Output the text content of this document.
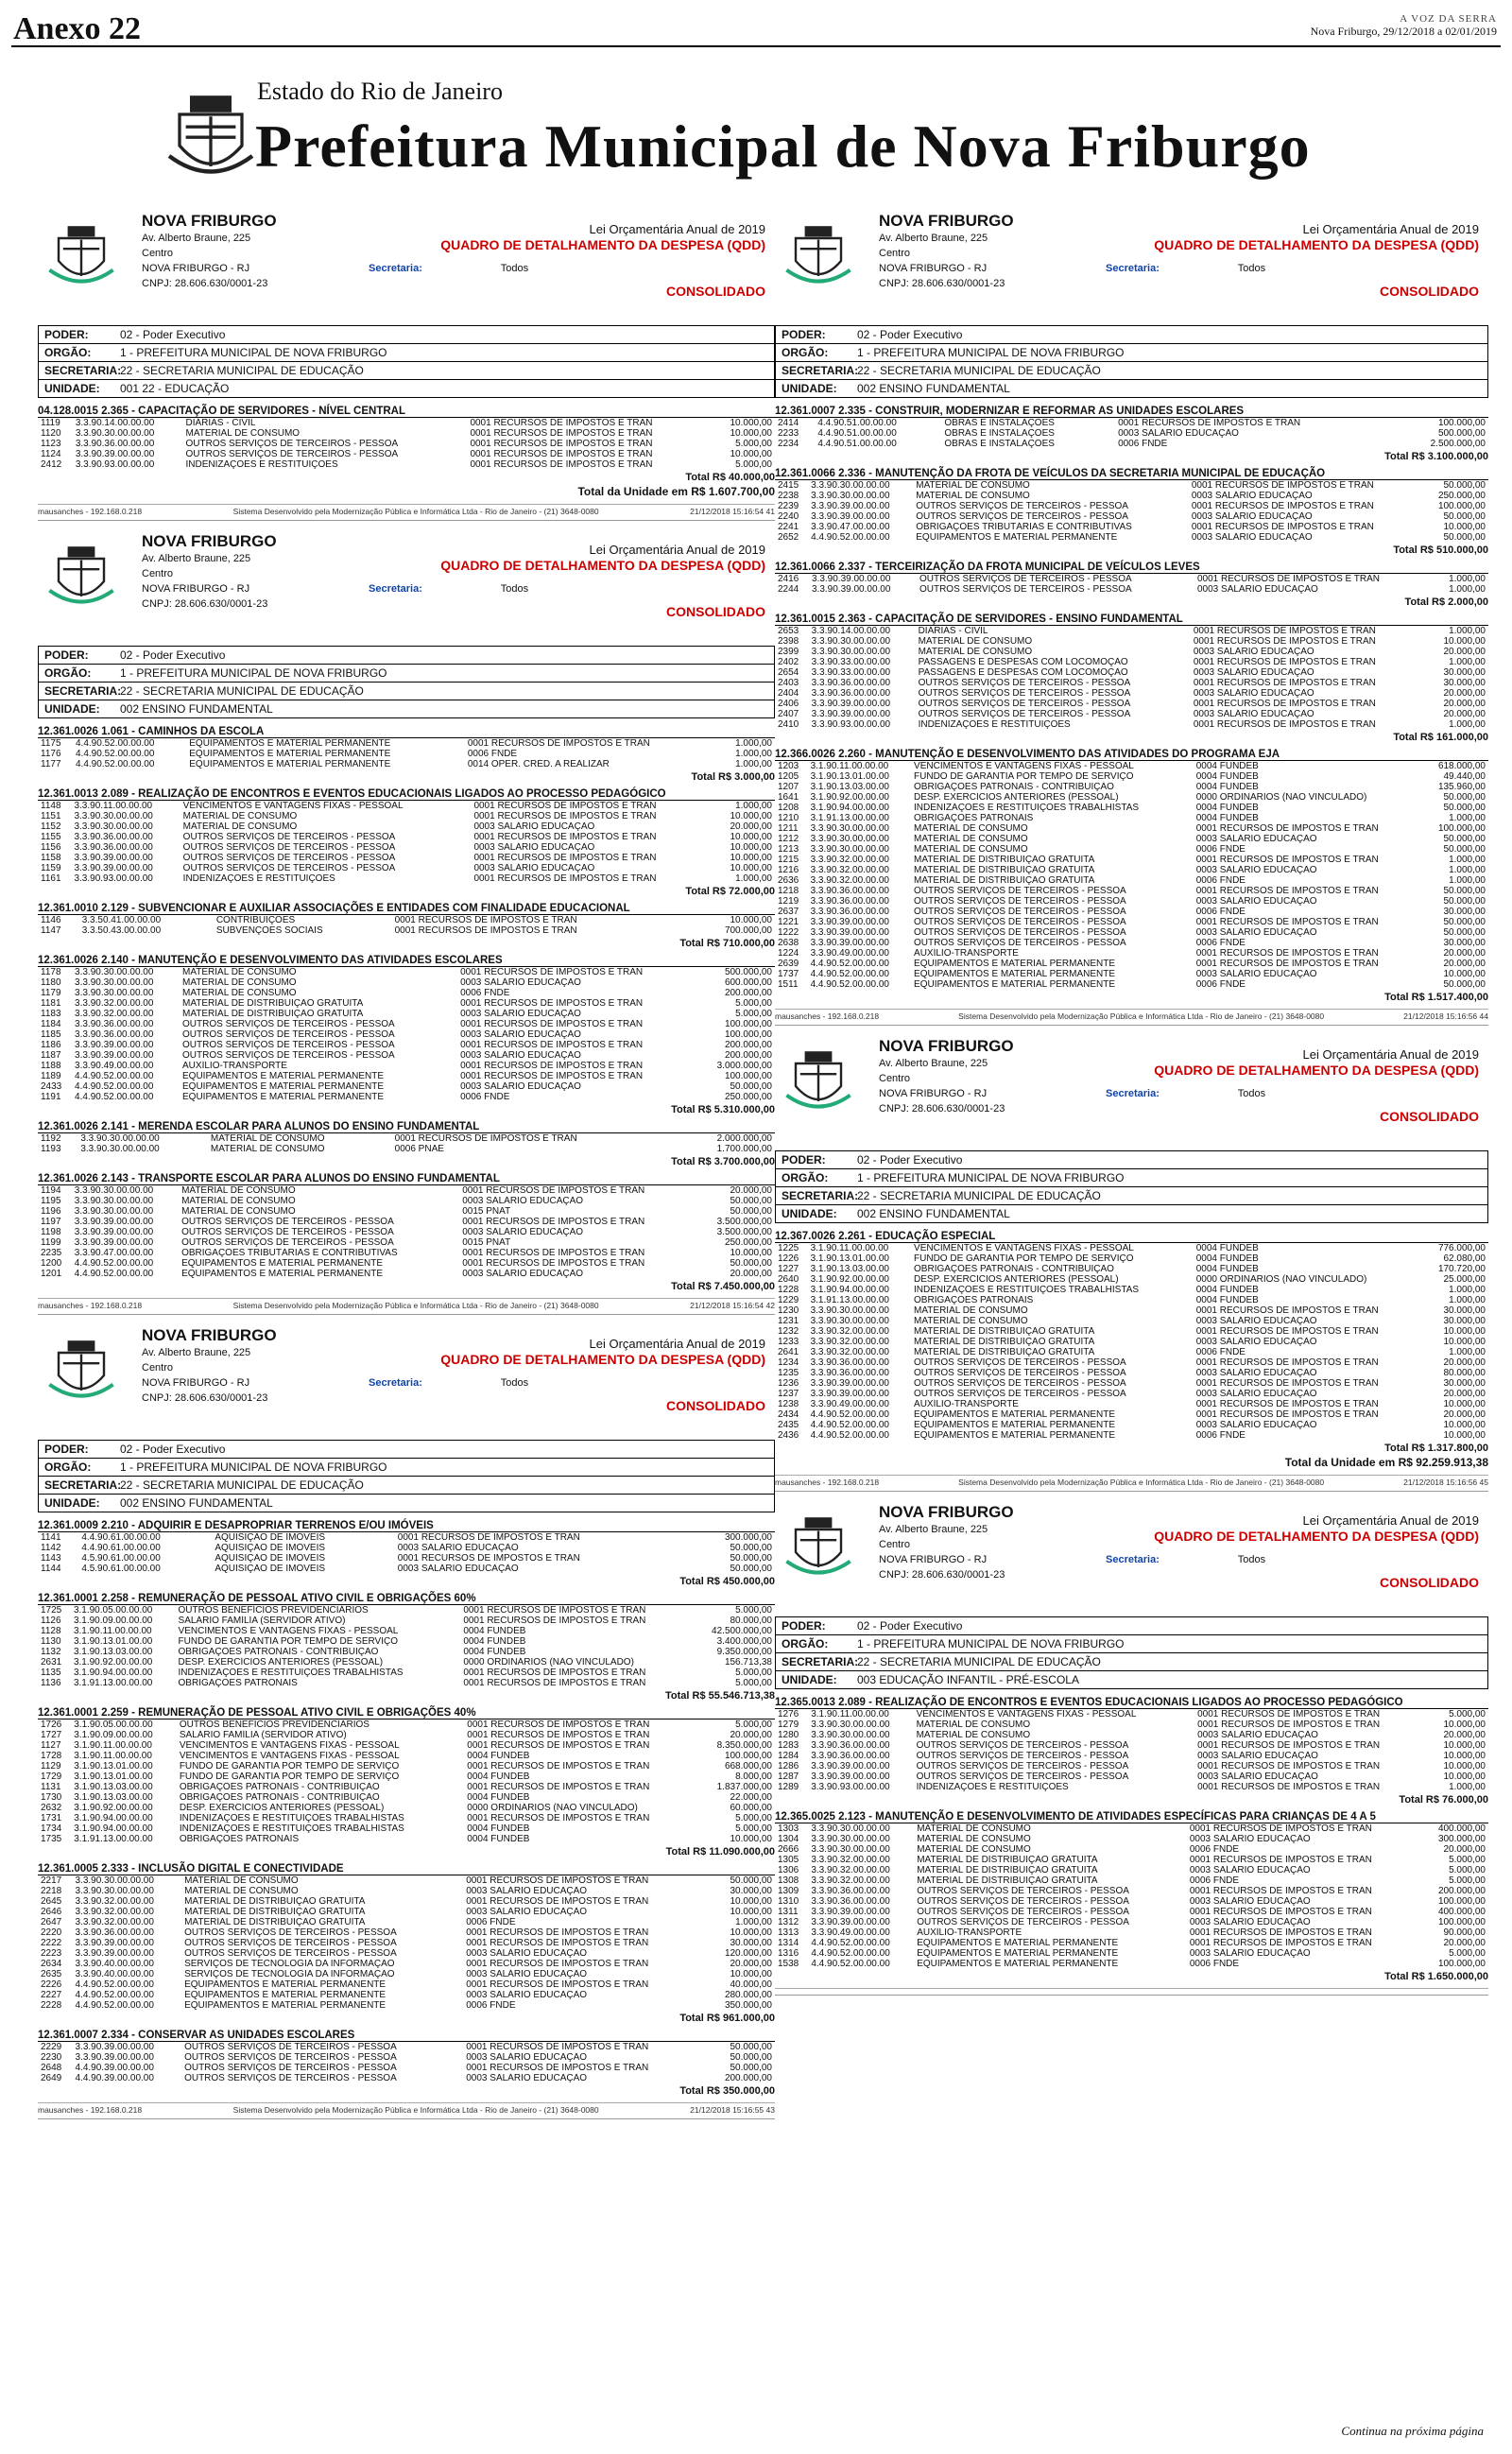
Anexo 22	A VOZ DA SERRA
Nova Friburgo, 29/12/2018 a 02/01/2019
Estado do Rio de Janeiro
Prefeitura Municipal de Nova Friburgo
NOVA FRIBURGO
Av. Alberto Braune, 225
Centro
NOVA FRIBURGO - RJ
CNPJ: 28.606.630/0001-23
Lei Orçamentária Anual de 2019
QUADRO DE DETALHAMENTO DA DESPESA (QDD)
Secretaria:	Todos
CONSOLIDADO
PODER:	02 - Poder Executivo
ORGÃO:	1 - PREFEITURA MUNICIPAL DE NOVA FRIBURGO
SECRETARIA:22 - SECRETARIA MUNICIPAL DE EDUCAÇÃO
UNIDADE: 001 22 - EDUCAÇÃO
04.128.0015 2.365 - CAPACITAÇÃO DE SERVIDORES - NÍVEL CENTRAL
1119	3.3.90.14.00.00.00	DIÁRIAS - CIVIL	0001 RECURSOS DE IMPOSTOS E TRAN	10.000,00
1120	3.3.90.30.00.00.00	MATERIAL DE CONSUMO	0001 RECURSOS DE IMPOSTOS E TRAN	10.000,00
1123	3.3.90.36.00.00.00	OUTROS SERVIÇOS DE TERCEIROS - PESSOA	0001 RECURSOS DE IMPOSTOS E TRAN	5.000,00
1124	3.3.90.39.00.00.00	OUTROS SERVIÇOS DE TERCEIROS - PESSOA	0001 RECURSOS DE IMPOSTOS E TRAN	10.000,00
2412	3.3.90.93.00.00.00	INDENIZAÇÕES E RESTITUIÇÕES	0001 RECURSOS DE IMPOSTOS E TRAN	5.000,00
Total R$ 40.000,00
Total da Unidade em R$ 1.607.700,00
mausanches - 192.168.0.218	Sistema Desenvolvido pela Modernização Pública e Informática Ltda - Rio de Janeiro - (21) 3648-0080	21/12/2018 15:16:54 41
NOVA FRIBURGO
Av. Alberto Braune, 225
Centro
NOVA FRIBURGO - RJ
CNPJ: 28.606.630/0001-23
Lei Orçamentária Anual de 2019
QUADRO DE DETALHAMENTO DA DESPESA (QDD)
Secretaria:	Todos
CONSOLIDADO
PODER:	02 - Poder Executivo
ORGÃO:	1 - PREFEITURA MUNICIPAL DE NOVA FRIBURGO
SECRETARIA:22 - SECRETARIA MUNICIPAL DE EDUCAÇÃO
UNIDADE: 002 ENSINO FUNDAMENTAL
12.361.0026 1.061 - CAMINHOS DA ESCOLA
1175	4.4.90.52.00.00.00	EQUIPAMENTOS E MATERIAL PERMANENTE	0001 RECURSOS DE IMPOSTOS E TRAN	1.000,00
1176	4.4.90.52.00.00.00	EQUIPAMENTOS E MATERIAL PERMANENTE	0006 FNDE	1.000,00
1177	4.4.90.52.00.00.00	EQUIPAMENTOS E MATERIAL PERMANENTE	0014 OPER. CRÉD. A REALIZAR	1.000,00
Total R$ 3.000,00
12.361.0013 2.089 - REALIZAÇÃO DE ENCONTROS E EVENTOS EDUCACIONAIS LIGADOS AO PROCESSO PEDAGÓGICO
1148	3.3.90.11.00.00.00	VENCIMENTOS E VANTAGENS FIXAS - PESSOAL	0001 RECURSOS DE IMPOSTOS E TRAN	1.000,00
1151	3.3.90.30.00.00.00	MATERIAL DE CONSUMO	0001 RECURSOS DE IMPOSTOS E TRAN	10.000,00
1152	3.3.90.30.00.00.00	MATERIAL DE CONSUMO	0003 SALÁRIO EDUCAÇÃO	20.000,00
1155	3.3.90.36.00.00.00	OUTROS SERVIÇOS DE TERCEIROS - PESSOA	0001 RECURSOS DE IMPOSTOS E TRAN	10.000,00
1156	3.3.90.36.00.00.00	OUTROS SERVIÇOS DE TERCEIROS - PESSOA	0003 SALÁRIO EDUCAÇÃO	10.000,00
1158	3.3.90.39.00.00.00	OUTROS SERVIÇOS DE TERCEIROS - PESSOA	0001 RECURSOS DE IMPOSTOS E TRAN	10.000,00
1159	3.3.90.39.00.00.00	OUTROS SERVIÇOS DE TERCEIROS - PESSOA	0003 SALÁRIO EDUCAÇÃO	10.000,00
1161	3.3.90.93.00.00.00	INDENIZAÇÕES E RESTITUIÇÕES	0001 RECURSOS DE IMPOSTOS E TRAN	1.000,00
Total R$ 72.000,00
12.361.0010 2.129 - SUBVENCIONAR E AUXILIAR ASSOCIAÇÕES E ENTIDADES COM FINALIDADE EDUCACIONAL
1146	3.3.50.41.00.00.00	CONTRIBUIÇÕES	0001 RECURSOS DE IMPOSTOS E TRAN	10.000,00
1147	3.3.50.43.00.00.00	SUBVENÇÕES SOCIAIS	0001 RECURSOS DE IMPOSTOS E TRAN	700.000,00
Total R$ 710.000,00
12.361.0026 2.140 - MANUTENÇÃO E DESENVOLVIMENTO DAS ATIVIDADES ESCOLARES
1178	3.3.90.30.00.00.00	MATERIAL DE CONSUMO	0001 RECURSOS DE IMPOSTOS E TRAN	500.000,00
1180	3.3.90.30.00.00.00	MATERIAL DE CONSUMO	0003 SALÁRIO EDUCAÇÃO	600.000,00
1179	3.3.90.30.00.00.00	MATERIAL DE CONSUMO	0006 FNDE	200.000,00
1181	3.3.90.32.00.00.00	MATERIAL DE DISTRIBUIÇÃO GRATUITA	0001 RECURSOS DE IMPOSTOS E TRAN	5.000,00
1183	3.3.90.32.00.00.00	MATERIAL DE DISTRIBUIÇÃO GRATUITA	0003 SALÁRIO EDUCAÇÃO	5.000,00
1184	3.3.90.36.00.00.00	OUTROS SERVIÇOS DE TERCEIROS - PESSOA	0001 RECURSOS DE IMPOSTOS E TRAN	100.000,00
1185	3.3.90.36.00.00.00	OUTROS SERVIÇOS DE TERCEIROS - PESSOA	0003 SALÁRIO EDUCAÇÃO	100.000,00
1186	3.3.90.39.00.00.00	OUTROS SERVIÇOS DE TERCEIROS - PESSOA	0001 RECURSOS DE IMPOSTOS E TRAN	200.000,00
1187	3.3.90.39.00.00.00	OUTROS SERVIÇOS DE TERCEIROS - PESSOA	0003 SALÁRIO EDUCAÇÃO	200.000,00
1188	3.3.90.49.00.00.00	AUXÍLIO-TRANSPORTE	0001 RECURSOS DE IMPOSTOS E TRAN	3.000.000,00
1189	4.4.90.52.00.00.00	EQUIPAMENTOS E MATERIAL PERMANENTE	0001 RECURSOS DE IMPOSTOS E TRAN	100.000,00
2433	4.4.90.52.00.00.00	EQUIPAMENTOS E MATERIAL PERMANENTE	0003 SALÁRIO EDUCAÇÃO	50.000,00
1191	4.4.90.52.00.00.00	EQUIPAMENTOS E MATERIAL PERMANENTE	0006 FNDE	250.000,00
Total R$ 5.310.000,00
12.361.0026 2.141 - MERENDA ESCOLAR PARA ALUNOS DO ENSINO FUNDAMENTAL
1192	3.3.90.30.00.00.00	MATERIAL DE CONSUMO	0001 RECURSOS DE IMPOSTOS E TRAN	2.000.000,00
1193	3.3.90.30.00.00.00	MATERIAL DE CONSUMO	0006 PNAE	1.700.000,00
Total R$ 3.700.000,00
12.361.0026 2.143 - TRANSPORTE ESCOLAR PARA ALUNOS DO ENSINO FUNDAMENTAL
1194	3.3.90.30.00.00.00	MATERIAL DE CONSUMO	0001 RECURSOS DE IMPOSTOS E TRAN	20.000,00
1195	3.3.90.30.00.00.00	MATERIAL DE CONSUMO	0003 SALÁRIO EDUCAÇÃO	50.000,00
1196	3.3.90.30.00.00.00	MATERIAL DE CONSUMO	0015 PNAT	50.000,00
1197	3.3.90.39.00.00.00	OUTROS SERVIÇOS DE TERCEIROS - PESSOA	0001 RECURSOS DE IMPOSTOS E TRAN	3.500.000,00
1198	3.3.90.39.00.00.00	OUTROS SERVIÇOS DE TERCEIROS - PESSOA	0003 SALÁRIO EDUCAÇÃO	3.500.000,00
1199	3.3.90.39.00.00.00	OUTROS SERVIÇOS DE TERCEIROS - PESSOA	0015 PNAT	250.000,00
2235	3.3.90.47.00.00.00	OBRIGAÇÕES TRIBUTÁRIAS E CONTRIBUTIVAS	0001 RECURSOS DE IMPOSTOS E TRAN	10.000,00
1200	4.4.90.52.00.00.00	EQUIPAMENTOS E MATERIAL PERMANENTE	0001 RECURSOS DE IMPOSTOS E TRAN	50.000,00
1201	4.4.90.52.00.00.00	EQUIPAMENTOS E MATERIAL PERMANENTE	0003 SALÁRIO EDUCAÇÃO	20.000,00
Total R$ 7.450.000,00
mausanches - 192.168.0.218	Sistema Desenvolvido pela Modernização Pública e Informática Ltda - Rio de Janeiro - (21) 3648-0080	21/12/2018 15:16:54 42
NOVA FRIBURGO
Av. Alberto Braune, 225
Centro
NOVA FRIBURGO - RJ
CNPJ: 28.606.630/0001-23
Lei Orçamentária Anual de 2019
QUADRO DE DETALHAMENTO DA DESPESA (QDD)
Secretaria:	Todos
CONSOLIDADO
PODER:	02 - Poder Executivo
ORGÃO:	1 - PREFEITURA MUNICIPAL DE NOVA FRIBURGO
SECRETARIA:22 - SECRETARIA MUNICIPAL DE EDUCAÇÃO
UNIDADE: 002 ENSINO FUNDAMENTAL
12.361.0009 2.210 - ADQUIRIR E DESAPROPRIAR TERRENOS E/OU IMÓVEIS
1141	4.4.90.61.00.00.00	AQUISIÇÃO DE IMÓVEIS	0001 RECURSOS DE IMPOSTOS E TRAN	300.000,00
1142	4.4.90.61.00.00.00	AQUISIÇÃO DE IMÓVEIS	0003 SALÁRIO EDUCAÇÃO	50.000,00
1143	4.5.90.61.00.00.00	AQUISIÇÃO DE IMÓVEIS	0001 RECURSOS DE IMPOSTOS E TRAN	50.000,00
1144	4.5.90.61.00.00.00	AQUISIÇÃO DE IMÓVEIS	0003 SALÁRIO EDUCAÇÃO	50.000,00
Total R$ 450.000,00
12.361.0001 2.258 - REMUNERAÇÃO DE PESSOAL ATIVO CIVIL E OBRIGAÇÕES 60%
1725	3.1.90.05.00.00.00	OUTROS BENEFÍCIOS PREVIDENCIÁRIOS	0001 RECURSOS DE IMPOSTOS E TRAN	5.000,00
1126	3.1.90.09.00.00.00	SALÁRIO FAMÍLIA (SERVIDOR ATIVO)	0001 RECURSOS DE IMPOSTOS E TRAN	80.000,00
1128	3.1.90.11.00.00.00	VENCIMENTOS E VANTAGENS FIXAS - PESSOAL	0004 FUNDEB	42.500.000,00
1130	3.1.90.13.01.00.00	FUNDO DE GARANTIA POR TEMPO DE SERVIÇO	0004 FUNDEB	3.400.000,00
1132	3.1.90.13.03.00.00	OBRIGAÇÕES PATRONAIS - CONTRIBUIÇÃO	0004 FUNDEB	9.350.000,00
2631	3.1.90.92.00.00.00	DESP. EXERCÍCIOS ANTERIORES (PESSOAL)	0000 ORDINÁRIOS (NÃO VINCULADO)	156.713,38
1135	3.1.90.94.00.00.00	INDENIZAÇÕES E RESTITUIÇÕES TRABALHISTAS	0001 RECURSOS DE IMPOSTOS E TRAN	5.000,00
1136	3.1.91.13.00.00.00	OBRIGAÇÕES PATRONAIS	0001 RECURSOS DE IMPOSTOS E TRAN	5.000,00
Total R$ 55.546.713,38
12.361.0001 2.259 - REMUNERAÇÃO DE PESSOAL ATIVO CIVIL E OBRIGAÇÕES 40%
1726	3.1.90.05.00.00.00	OUTROS BENEFÍCIOS PREVIDENCIÁRIOS	0001 RECURSOS DE IMPOSTOS E TRAN	5.000,00
1727	3.1.90.09.00.00.00	SALÁRIO FAMÍLIA (SERVIDOR ATIVO)	0001 RECURSOS DE IMPOSTOS E TRAN	20.000,00
1127	3.1.90.11.00.00.00	VENCIMENTOS E VANTAGENS FIXAS - PESSOAL	0001 RECURSOS DE IMPOSTOS E TRAN	8.350.000,00
1728	3.1.90.11.00.00.00	VENCIMENTOS E VANTAGENS FIXAS - PESSOAL	0004 FUNDEB	100.000,00
1129	3.1.90.13.01.00.00	FUNDO DE GARANTIA POR TEMPO DE SERVIÇO	0001 RECURSOS DE IMPOSTOS E TRAN	668.000,00
1729	3.1.90.13.01.00.00	FUNDO DE GARANTIA POR TEMPO DE SERVIÇO	0004 FUNDEB	8.000,00
1131	3.1.90.13.03.00.00	OBRIGAÇÕES PATRONAIS - CONTRIBUIÇÃO	0001 RECURSOS DE IMPOSTOS E TRAN	1.837.000,00
1730	3.1.90.13.03.00.00	OBRIGAÇÕES PATRONAIS - CONTRIBUIÇÃO	0004 FUNDEB	22.000,00
2632	3.1.90.92.00.00.00	DESP. EXERCÍCIOS ANTERIORES (PESSOAL)	0000 ORDINÁRIOS (NÃO VINCULADO)	60.000,00
1731	3.1.90.94.00.00.00	INDENIZAÇÕES E RESTITUIÇÕES TRABALHISTAS	0001 RECURSOS DE IMPOSTOS E TRAN	5.000,00
1734	3.1.90.94.00.00.00	INDENIZAÇÕES E RESTITUIÇÕES TRABALHISTAS	0004 FUNDEB	5.000,00
1735	3.1.91.13.00.00.00	OBRIGAÇÕES PATRONAIS	0004 FUNDEB	10.000,00
Total R$ 11.090.000,00
12.361.0005 2.333 - INCLUSÃO DIGITAL E CONECTIVIDADE
2217	3.3.90.30.00.00.00	MATERIAL DE CONSUMO	0001 RECURSOS DE IMPOSTOS E TRAN	50.000,00
2218	3.3.90.30.00.00.00	MATERIAL DE CONSUMO	0003 SALÁRIO EDUCAÇÃO	30.000,00
2645	3.3.90.32.00.00.00	MATERIAL DE DISTRIBUIÇÃO GRATUITA	0001 RECURSOS DE IMPOSTOS E TRAN	10.000,00
2646	3.3.90.32.00.00.00	MATERIAL DE DISTRIBUIÇÃO GRATUITA	0003 SALÁRIO EDUCAÇÃO	10.000,00
2647	3.3.90.32.00.00.00	MATERIAL DE DISTRIBUIÇÃO GRATUITA	0006 FNDE	1.000,00
2220	3.3.90.36.00.00.00	OUTROS SERVIÇOS DE TERCEIROS - PESSOA	0001 RECURSOS DE IMPOSTOS E TRAN	10.000,00
2222	3.3.90.39.00.00.00	OUTROS SERVIÇOS DE TERCEIROS - PESSOA	0001 RECURSOS DE IMPOSTOS E TRAN	30.000,00
2223	3.3.90.39.00.00.00	OUTROS SERVIÇOS DE TERCEIROS - PESSOA	0003 SALÁRIO EDUCAÇÃO	120.000,00
2634	3.3.90.40.00.00.00	SERVIÇOS DE TECNOLOGIA DA INFORMAÇÃO	0001 RECURSOS DE IMPOSTOS E TRAN	20.000,00
2635	3.3.90.40.00.00.00	SERVIÇOS DE TECNOLOGIA DA INFORMAÇÃO	0003 SALÁRIO EDUCAÇÃO	10.000,00
2226	4.4.90.52.00.00.00	EQUIPAMENTOS E MATERIAL PERMANENTE	0001 RECURSOS DE IMPOSTOS E TRAN	40.000,00
2227	4.4.90.52.00.00.00	EQUIPAMENTOS E MATERIAL PERMANENTE	0003 SALÁRIO EDUCAÇÃO	280.000,00
2228	4.4.90.52.00.00.00	EQUIPAMENTOS E MATERIAL PERMANENTE	0006 FNDE	350.000,00
Total R$ 961.000,00
12.361.0007 2.334 - CONSERVAR AS UNIDADES ESCOLARES
2229	3.3.90.39.00.00.00	OUTROS SERVIÇOS DE TERCEIROS - PESSOA	0001 RECURSOS DE IMPOSTOS E TRAN	50.000,00
2230	3.3.90.39.00.00.00	OUTROS SERVIÇOS DE TERCEIROS - PESSOA	0003 SALÁRIO EDUCAÇÃO	50.000,00
2648	4.4.90.39.00.00.00	OUTROS SERVIÇOS DE TERCEIROS - PESSOA	0001 RECURSOS DE IMPOSTOS E TRAN	50.000,00
2649	4.4.90.39.00.00.00	OUTROS SERVIÇOS DE TERCEIROS - PESSOA	0003 SALÁRIO EDUCAÇÃO	200.000,00
Total R$ 350.000,00
mausanches - 192.168.0.218	Sistema Desenvolvido pela Modernização Pública e Informática Ltda - Rio de Janeiro - (21) 3648-0080	21/12/2018 15:16:55 43
NOVA FRIBURGO
Av. Alberto Braune, 225
Centro
NOVA FRIBURGO - RJ
CNPJ: 28.606.630/0001-23
Lei Orçamentária Anual de 2019
QUADRO DE DETALHAMENTO DA DESPESA (QDD)
Secretaria:	Todos
CONSOLIDADO
PODER:	02 - Poder Executivo
ORGÃO:	1 - PREFEITURA MUNICIPAL DE NOVA FRIBURGO
SECRETARIA:22 - SECRETARIA MUNICIPAL DE EDUCAÇÃO
UNIDADE: 002 ENSINO FUNDAMENTAL
12.361.0007 2.335 - CONSTRUIR, MODERNIZAR E REFORMAR AS UNIDADES ESCOLARES
2414	4.4.90.51.00.00.00	OBRAS E INSTALAÇÕES	0001 RECURSOS DE IMPOSTOS E TRAN	100.000,00
2233	4.4.90.51.00.00.00	OBRAS E INSTALAÇÕES	0003 SALÁRIO EDUCAÇÃO	500.000,00
2234	4.4.90.51.00.00.00	OBRAS E INSTALAÇÕES	0006 FNDE	2.500.000,00
Total R$ 3.100.000,00
12.361.0066 2.336 - MANUTENÇÃO DA FROTA DE VEÍCULOS DA SECRETARIA MUNICIPAL DE EDUCAÇÃO
2415	3.3.90.30.00.00.00	MATERIAL DE CONSUMO	0001 RECURSOS DE IMPOSTOS E TRAN	50.000,00
2238	3.3.90.30.00.00.00	MATERIAL DE CONSUMO	0003 SALÁRIO EDUCAÇÃO	250.000,00
2239	3.3.90.39.00.00.00	OUTROS SERVIÇOS DE TERCEIROS - PESSOA	0001 RECURSOS DE IMPOSTOS E TRAN	100.000,00
2240	3.3.90.39.00.00.00	OUTROS SERVIÇOS DE TERCEIROS - PESSOA	0003 SALÁRIO EDUCAÇÃO	50.000,00
2241	3.3.90.47.00.00.00	OBRIGAÇÕES TRIBUTÁRIAS E CONTRIBUTIVAS	0001 RECURSOS DE IMPOSTOS E TRAN	10.000,00
2652	4.4.90.52.00.00.00	EQUIPAMENTOS E MATERIAL PERMANENTE	0003 SALÁRIO EDUCAÇÃO	50.000,00
Total R$ 510.000,00
12.361.0066 2.337 - TERCEIRIZAÇÃO DA FROTA MUNICIPAL DE VEÍCULOS LEVES
2416	3.3.90.39.00.00.00	OUTROS SERVIÇOS DE TERCEIROS - PESSOA	0001 RECURSOS DE IMPOSTOS E TRAN	1.000,00
2244	3.3.90.39.00.00.00	OUTROS SERVIÇOS DE TERCEIROS - PESSOA	0003 SALÁRIO EDUCAÇÃO	1.000,00
Total R$ 2.000,00
12.361.0015 2.363 - CAPACITAÇÃO DE SERVIDORES - ENSINO FUNDAMENTAL
2653	3.3.90.14.00.00.00	DIÁRIAS - CIVIL	0001 RECURSOS DE IMPOSTOS E TRAN	1.000,00
2398	3.3.90.30.00.00.00	MATERIAL DE CONSUMO	0001 RECURSOS DE IMPOSTOS E TRAN	10.000,00
2399	3.3.90.30.00.00.00	MATERIAL DE CONSUMO	0003 SALÁRIO EDUCAÇÃO	20.000,00
2402	3.3.90.33.00.00.00	PASSAGENS E DESPESAS COM LOCOMOÇÃO	0001 RECURSOS DE IMPOSTOS E TRAN	1.000,00
2654	3.3.90.33.00.00.00	PASSAGENS E DESPESAS COM LOCOMOÇÃO	0003 SALÁRIO EDUCAÇÃO	30.000,00
2403	3.3.90.36.00.00.00	OUTROS SERVIÇOS DE TERCEIROS - PESSOA	0001 RECURSOS DE IMPOSTOS E TRAN	30.000,00
2404	3.3.90.36.00.00.00	OUTROS SERVIÇOS DE TERCEIROS - PESSOA	0003 SALÁRIO EDUCAÇÃO	20.000,00
2406	3.3.90.39.00.00.00	OUTROS SERVIÇOS DE TERCEIROS - PESSOA	0001 RECURSOS DE IMPOSTOS E TRAN	20.000,00
2407	3.3.90.39.00.00.00	OUTROS SERVIÇOS DE TERCEIROS - PESSOA	0003 SALÁRIO EDUCAÇÃO	20.000,00
2410	3.3.90.93.00.00.00	INDENIZAÇÕES E RESTITUIÇÕES	0001 RECURSOS DE IMPOSTOS E TRAN	1.000,00
Total R$ 161.000,00
12.366.0026 2.260 - MANUTENÇÃO E DESENVOLVIMENTO DAS ATIVIDADES DO PROGRAMA EJA
1203	3.1.90.11.00.00.00	VENCIMENTOS E VANTAGENS FIXAS - PESSOAL	0004 FUNDEB	618.000,00
1205	3.1.90.13.01.00.00	FUNDO DE GARANTIA POR TEMPO DE SERVIÇO	0004 FUNDEB	49.440,00
1207	3.1.90.13.03.00.00	OBRIGAÇÕES PATRONAIS - CONTRIBUIÇÃO	0004 FUNDEB	135.960,00
1641	3.1.90.92.00.00.00	DESP. EXERCÍCIOS ANTERIORES (PESSOAL)	0000 ORDINÁRIOS (NÃO VINCULADO)	50.000,00
1208	3.1.90.94.00.00.00	INDENIZAÇÕES E RESTITUIÇÕES TRABALHISTAS	0004 FUNDEB	50.000,00
1210	3.1.91.13.00.00.00	OBRIGAÇÕES PATRONAIS	0004 FUNDEB	1.000,00
1211	3.3.90.30.00.00.00	MATERIAL DE CONSUMO	0001 RECURSOS DE IMPOSTOS E TRAN	100.000,00
1212	3.3.90.30.00.00.00	MATERIAL DE CONSUMO	0003 SALÁRIO EDUCAÇÃO	50.000,00
1213	3.3.90.30.00.00.00	MATERIAL DE CONSUMO	0006 FNDE	50.000,00
1215	3.3.90.32.00.00.00	MATERIAL DE DISTRIBUIÇÃO GRATUITA	0001 RECURSOS DE IMPOSTOS E TRAN	1.000,00
1216	3.3.90.32.00.00.00	MATERIAL DE DISTRIBUIÇÃO GRATUITA	0003 SALÁRIO EDUCAÇÃO	1.000,00
2636	3.3.90.32.00.00.00	MATERIAL DE DISTRIBUIÇÃO GRATUITA	0006 FNDE	1.000,00
1218	3.3.90.36.00.00.00	OUTROS SERVIÇOS DE TERCEIROS - PESSOA	0001 RECURSOS DE IMPOSTOS E TRAN	50.000,00
1219	3.3.90.36.00.00.00	OUTROS SERVIÇOS DE TERCEIROS - PESSOA	0003 SALÁRIO EDUCAÇÃO	50.000,00
2637	3.3.90.36.00.00.00	OUTROS SERVIÇOS DE TERCEIROS - PESSOA	0006 FNDE	30.000,00
1221	3.3.90.39.00.00.00	OUTROS SERVIÇOS DE TERCEIROS - PESSOA	0001 RECURSOS DE IMPOSTOS E TRAN	50.000,00
1222	3.3.90.39.00.00.00	OUTROS SERVIÇOS DE TERCEIROS - PESSOA	0003 SALÁRIO EDUCAÇÃO	50.000,00
2638	3.3.90.39.00.00.00	OUTROS SERVIÇOS DE TERCEIROS - PESSOA	0006 FNDE	30.000,00
1224	3.3.90.49.00.00.00	AUXÍLIO-TRANSPORTE	0001 RECURSOS DE IMPOSTOS E TRAN	20.000,00
2639	4.4.90.52.00.00.00	EQUIPAMENTOS E MATERIAL PERMANENTE	0001 RECURSOS DE IMPOSTOS E TRAN	20.000,00
1737	4.4.90.52.00.00.00	EQUIPAMENTOS E MATERIAL PERMANENTE	0003 SALÁRIO EDUCAÇÃO	10.000,00
1511	4.4.90.52.00.00.00	EQUIPAMENTOS E MATERIAL PERMANENTE	0006 FNDE	50.000,00
Total R$ 1.517.400,00
mausanches - 192.168.0.218	Sistema Desenvolvido pela Modernização Pública e Informática Ltda - Rio de Janeiro - (21) 3648-0080	21/12/2018 15:16:56 44
NOVA FRIBURGO
Av. Alberto Braune, 225
Centro
NOVA FRIBURGO - RJ
CNPJ: 28.606.630/0001-23
Lei Orçamentária Anual de 2019
QUADRO DE DETALHAMENTO DA DESPESA (QDD)
Secretaria:	Todos
CONSOLIDADO
PODER:	02 - Poder Executivo
ORGÃO:	1 - PREFEITURA MUNICIPAL DE NOVA FRIBURGO
SECRETARIA:22 - SECRETARIA MUNICIPAL DE EDUCAÇÃO
UNIDADE: 002 ENSINO FUNDAMENTAL
12.367.0026 2.261 - EDUCAÇÃO ESPECIAL
1225	3.1.90.11.00.00.00	VENCIMENTOS E VANTAGENS FIXAS - PESSOAL	0004 FUNDEB	776.000,00
1226	3.1.90.13.01.00.00	FUNDO DE GARANTIA POR TEMPO DE SERVIÇO	0004 FUNDEB	62.080,00
1227	3.1.90.13.03.00.00	OBRIGAÇÕES PATRONAIS - CONTRIBUIÇÃO	0004 FUNDEB	170.720,00
2640	3.1.90.92.00.00.00	DESP. EXERCÍCIOS ANTERIORES (PESSOAL)	0000 ORDINÁRIOS (NÃO VINCULADO)	25.000,00
1228	3.1.90.94.00.00.00	INDENIZAÇÕES E RESTITUIÇÕES TRABALHISTAS	0004 FUNDEB	1.000,00
1229	3.1.91.13.00.00.00	OBRIGAÇÕES PATRONAIS	0004 FUNDEB	1.000,00
1230	3.3.90.30.00.00.00	MATERIAL DE CONSUMO	0001 RECURSOS DE IMPOSTOS E TRAN	30.000,00
1231	3.3.90.30.00.00.00	MATERIAL DE CONSUMO	0003 SALÁRIO EDUCAÇÃO	30.000,00
1232	3.3.90.32.00.00.00	MATERIAL DE DISTRIBUIÇÃO GRATUITA	0001 RECURSOS DE IMPOSTOS E TRAN	10.000,00
1233	3.3.90.32.00.00.00	MATERIAL DE DISTRIBUIÇÃO GRATUITA	0003 SALÁRIO EDUCAÇÃO	10.000,00
2641	3.3.90.32.00.00.00	MATERIAL DE DISTRIBUIÇÃO GRATUITA	0006 FNDE	1.000,00
1234	3.3.90.36.00.00.00	OUTROS SERVIÇOS DE TERCEIROS - PESSOA	0001 RECURSOS DE IMPOSTOS E TRAN	20.000,00
1235	3.3.90.36.00.00.00	OUTROS SERVIÇOS DE TERCEIROS - PESSOA	0003 SALÁRIO EDUCAÇÃO	80.000,00
1236	3.3.90.39.00.00.00	OUTROS SERVIÇOS DE TERCEIROS - PESSOA	0001 RECURSOS DE IMPOSTOS E TRAN	30.000,00
1237	3.3.90.39.00.00.00	OUTROS SERVIÇOS DE TERCEIROS - PESSOA	0003 SALÁRIO EDUCAÇÃO	20.000,00
1238	3.3.90.49.00.00.00	AUXÍLIO-TRANSPORTE	0001 RECURSOS DE IMPOSTOS E TRAN	10.000,00
2434	4.4.90.52.00.00.00	EQUIPAMENTOS E MATERIAL PERMANENTE	0001 RECURSOS DE IMPOSTOS E TRAN	20.000,00
2435	4.4.90.52.00.00.00	EQUIPAMENTOS E MATERIAL PERMANENTE	0003 SALÁRIO EDUCAÇÃO	10.000,00
2436	4.4.90.52.00.00.00	EQUIPAMENTOS E MATERIAL PERMANENTE	0006 FNDE	10.000,00
Total R$ 1.317.800,00
Total da Unidade em R$ 92.259.913,38
mausanches - 192.168.0.218	Sistema Desenvolvido pela Modernização Pública e Informática Ltda - Rio de Janeiro - (21) 3648-0080	21/12/2018 15:16:56 45
NOVA FRIBURGO
Av. Alberto Braune, 225
Centro
NOVA FRIBURGO - RJ
CNPJ: 28.606.630/0001-23
Lei Orçamentária Anual de 2019
QUADRO DE DETALHAMENTO DA DESPESA (QDD)
Secretaria:	Todos
CONSOLIDADO
PODER:	02 - Poder Executivo
ORGÃO:	1 - PREFEITURA MUNICIPAL DE NOVA FRIBURGO
SECRETARIA:22 - SECRETARIA MUNICIPAL DE EDUCAÇÃO
UNIDADE: 003 EDUCAÇÃO INFANTIL - PRÉ-ESCOLA
12.365.0013 2.089 - REALIZAÇÃO DE ENCONTROS E EVENTOS EDUCACIONAIS LIGADOS AO PROCESSO PEDAGÓGICO
1276	3.1.90.11.00.00.00	VENCIMENTOS E VANTAGENS FIXAS - PESSOAL	0001 RECURSOS DE IMPOSTOS E TRAN	5.000,00
1279	3.3.90.30.00.00.00	MATERIAL DE CONSUMO	0001 RECURSOS DE IMPOSTOS E TRAN	10.000,00
1280	3.3.90.30.00.00.00	MATERIAL DE CONSUMO	0003 SALÁRIO EDUCAÇÃO	20.000,00
1283	3.3.90.36.00.00.00	OUTROS SERVIÇOS DE TERCEIROS - PESSOA	0001 RECURSOS DE IMPOSTOS E TRAN	10.000,00
1284	3.3.90.36.00.00.00	OUTROS SERVIÇOS DE TERCEIROS - PESSOA	0003 SALÁRIO EDUCAÇÃO	10.000,00
1286	3.3.90.39.00.00.00	OUTROS SERVIÇOS DE TERCEIROS - PESSOA	0001 RECURSOS DE IMPOSTOS E TRAN	10.000,00
1287	3.3.90.39.00.00.00	OUTROS SERVIÇOS DE TERCEIROS - PESSOA	0003 SALÁRIO EDUCAÇÃO	10.000,00
1289	3.3.90.93.00.00.00	INDENIZAÇÕES E RESTITUIÇÕES	0001 RECURSOS DE IMPOSTOS E TRAN	1.000,00
Total R$ 76.000,00
12.365.0025 2.123 - MANUTENÇÃO E DESENVOLVIMENTO DE ATIVIDADES ESPECÍFICAS PARA CRIANÇAS DE 4 A 5
1303	3.3.90.30.00.00.00	MATERIAL DE CONSUMO	0001 RECURSOS DE IMPOSTOS E TRAN	400.000,00
1304	3.3.90.30.00.00.00	MATERIAL DE CONSUMO	0003 SALÁRIO EDUCAÇÃO	300.000,00
2666	3.3.90.30.00.00.00	MATERIAL DE CONSUMO	0006 FNDE	20.000,00
1305	3.3.90.32.00.00.00	MATERIAL DE DISTRIBUIÇÃO GRATUITA	0001 RECURSOS DE IMPOSTOS E TRAN	5.000,00
1306	3.3.90.32.00.00.00	MATERIAL DE DISTRIBUIÇÃO GRATUITA	0003 SALÁRIO EDUCAÇÃO	5.000,00
1308	3.3.90.32.00.00.00	MATERIAL DE DISTRIBUIÇÃO GRATUITA	0006 FNDE	5.000,00
1309	3.3.90.36.00.00.00	OUTROS SERVIÇOS DE TERCEIROS - PESSOA	0001 RECURSOS DE IMPOSTOS E TRAN	200.000,00
1310	3.3.90.36.00.00.00	OUTROS SERVIÇOS DE TERCEIROS - PESSOA	0003 SALÁRIO EDUCAÇÃO	100.000,00
1311	3.3.90.39.00.00.00	OUTROS SERVIÇOS DE TERCEIROS - PESSOA	0001 RECURSOS DE IMPOSTOS E TRAN	400.000,00
1312	3.3.90.39.00.00.00	OUTROS SERVIÇOS DE TERCEIROS - PESSOA	0003 SALÁRIO EDUCAÇÃO	100.000,00
1313	3.3.90.49.00.00.00	AUXÍLIO-TRANSPORTE	0001 RECURSOS DE IMPOSTOS E TRAN	90.000,00
1314	4.4.90.52.00.00.00	EQUIPAMENTOS E MATERIAL PERMANENTE	0001 RECURSOS DE IMPOSTOS E TRAN	20.000,00
1316	4.4.90.52.00.00.00	EQUIPAMENTOS E MATERIAL PERMANENTE	0003 SALÁRIO EDUCAÇÃO	5.000,00
1538	4.4.90.52.00.00.00	EQUIPAMENTOS E MATERIAL PERMANENTE	0006 FNDE	100.000,00
Total R$ 1.650.000,00
Continua na próxima página
